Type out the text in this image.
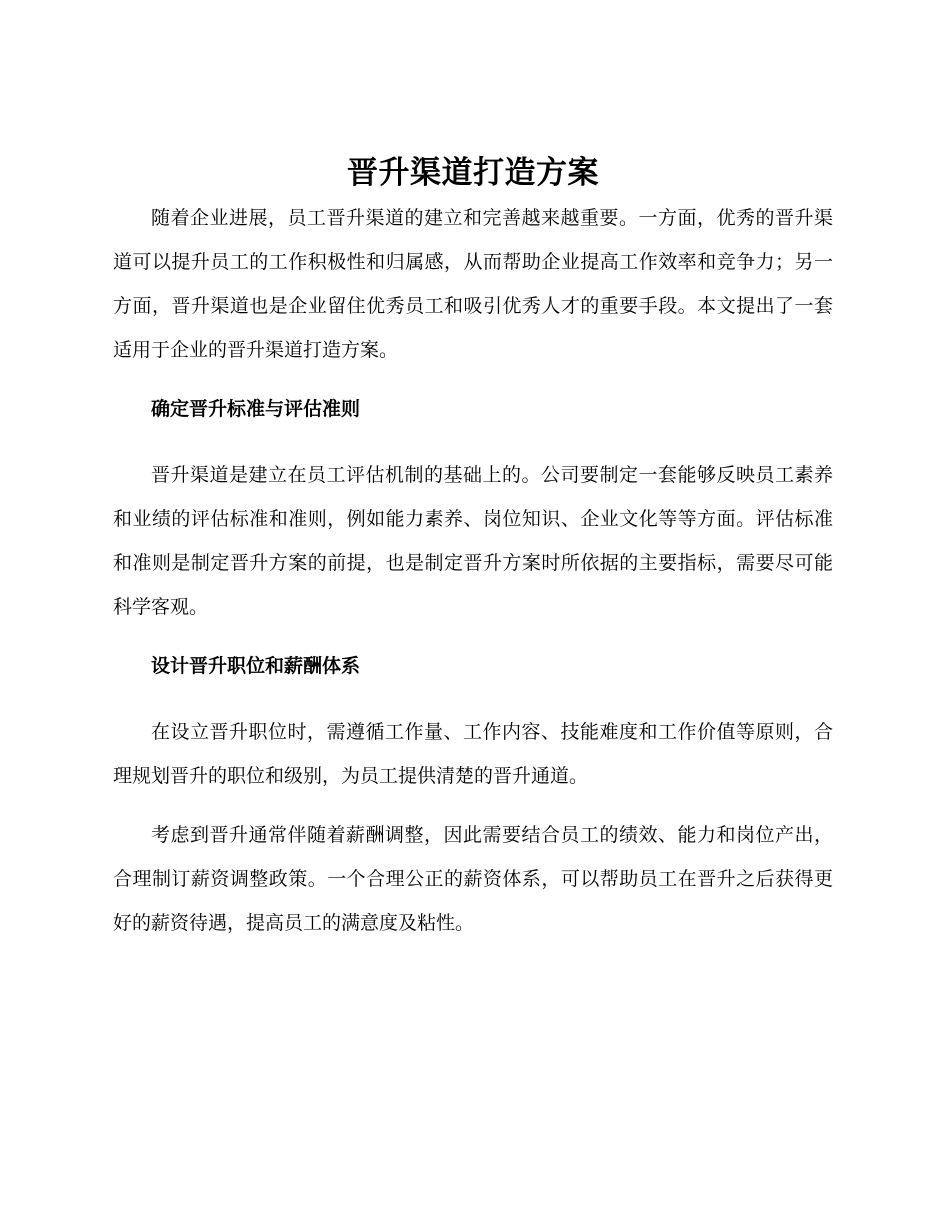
晋升渠道打造方案

随着企业进展，员工晋升渠道的建立和完善越来越重要。一方面，优秀的晋升渠道可以提升员工的工作积极性和归属感，从而帮助企业提高工作效率和竞争力；另一方面，晋升渠道也是企业留住优秀员工和吸引优秀人才的重要手段。本文提出了一套适用于企业的晋升渠道打造方案。

确定晋升标准与评估准则

晋升渠道是建立在员工评估机制的基础上的。公司要制定一套能够反映员工素养和业绩的评估标准和准则，例如能力素养、岗位知识、企业文化等等方面。评估标准和准则是制定晋升方案的前提，也是制定晋升方案时所依据的主要指标，需要尽可能科学客观。

设计晋升职位和薪酬体系

在设立晋升职位时，需遵循工作量、工作内容、技能难度和工作价值等原则，合理规划晋升的职位和级别，为员工提供清楚的晋升通道。

考虑到晋升通常伴随着薪酬调整，因此需要结合员工的绩效、能力和岗位产出，合理制订薪资调整政策。一个合理公正的薪资体系，可以帮助员工在晋升之后获得更好的薪资待遇，提高员工的满意度及粘性。
